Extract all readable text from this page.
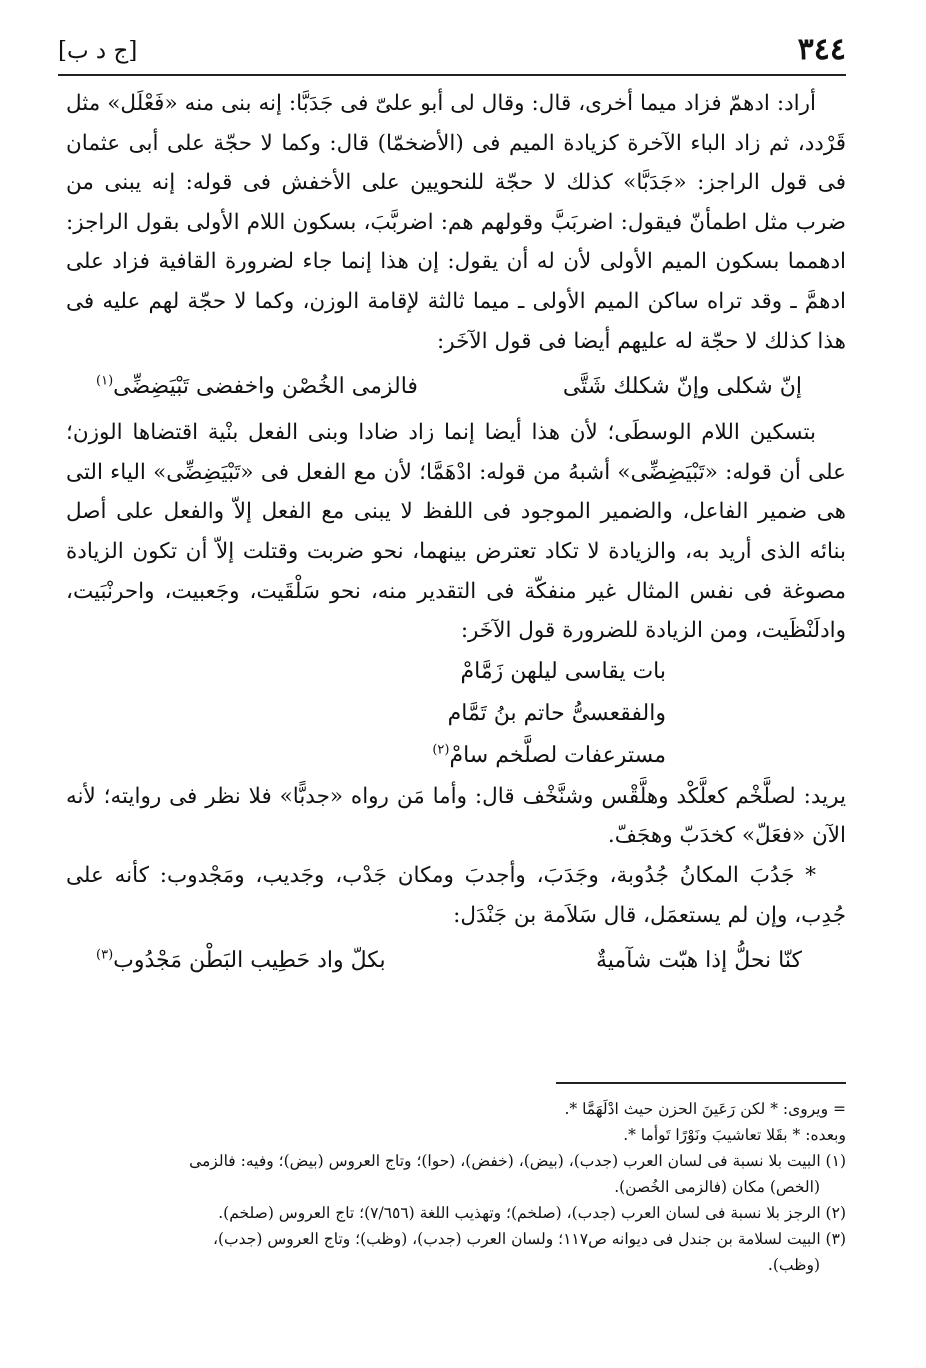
٣٤٤
[ج د ب]

أراد: ادهمّ فزاد ميما أخرى، قال: وقال لى أبو علىّ فى جَدَبَّا: إنه بنى منه «فَعْلَل» مثل قَرْدد، ثم زاد الباء الآخرة كزيادة الميم فى (الأضخمّا) قال: وكما لا حجّة على أبى عثمان فى قول الراجز: «جَدَبَّا» كذلك لا حجّة للنحويين على الأخفش فى قوله: إنه يبنى من ضرب مثل اطمأنّ فيقول: اضربَبَّ وقولهم هم: اضربَّبَ، بسكون اللام الأولى بقول الراجز: ادهمما بسكون الميم الأولى لأن له أن يقول: إن هذا إنما جاء لضرورة القافية فزاد على ادهمَّ ـ وقد تراه ساكن الميم الأولى ـ ميما ثالثة لإقامة الوزن، وكما لا حجّة لهم عليه فى هذا كذلك لا حجّة له عليهم أيضا فى قول الآخَر:

إنّ شكلى وإنّ شكلك شَتَّى
فالزمى الخُصْن واخفضى تَبْيَضِضِّى$^{(١)}$

بتسكين اللام الوسطَى؛ لأن هذا أيضا إنما زاد ضادا وبنى الفعل بنْية اقتضاها الوزن؛ على أن قوله: «تَبْيَضِضِّى» أشبهُ من قوله: ادْهَمَّا؛ لأن مع الفعل فى «تَبْيَضِضِّى» الياء التى هى ضمير الفاعل، والضمير الموجود فى اللفظ لا يبنى مع الفعل إلاّ والفعل على أصل بنائه الذى أريد به، والزيادة لا تكاد تعترض بينهما، نحو ضربت وقتلت إلاّ أن تكون الزيادة مصوغة فى نفس المثال غير منفكّة فى التقدير منه، نحو سَلْقَيت، وجَعبيت، واحرنْبَيت، وادلَنْظَيت، ومن الزيادة للضرورة قول الآخَر:

بات يقاسى ليلهن زَمَّامْ
والفقعسىُّ حاتم بنُ تَمَّام
مسترعفات لصلَّخم سامْ$^{(٢)}$

يريد: لصلَّخْم كعلَّكْد وهلَّقْس وشنَّخْف قال: وأما مَن رواه «جدبًّا» فلا نظر فى روايته؛ لأنه الآن «فعَلّ» كخدَبّ وهجَفّ.

* جَدُبَ المكانُ جُدُوبة، وجَدَبَ، وأجدبَ ومكان جَدْب، وجَديب، ومَجْدوب: كأنه على جُدِب، وإن لم يستعمَل، قال سَلاَمة بن جَنْدَل:

كنّا نحلُّ إذا هبّت شآميةٌ
بكلّ واد حَطِيب البَطْن مَجْدُوب$^{(٣)}$

= ويروى: * لكن رَعَينَ الحزن حيث ادْلَهَمَّا *.

وبعده: * بقَلا تعاشيبَ ونَوْرًا تَوأما *.

(١) البيت بلا نسبة فى لسان العرب (جدب)، (بيض)، (خفض)، (حوا)؛ وتاج العروس (بيض)؛ وفيه: فالزمى

(الخص) مكان (فالزمى الخُصن).

(٢) الرجز بلا نسبة فى لسان العرب (جدب)، (صلخم)؛ وتهذيب اللغة (٧/٦٥٦)؛ تاج العروس (صلخم).

(٣) البيت لسلامة بن جندل فى ديوانه ص١١٧؛ ولسان العرب (جدب)، (وظب)؛ وتاج العروس (جدب)،

(وظب).
